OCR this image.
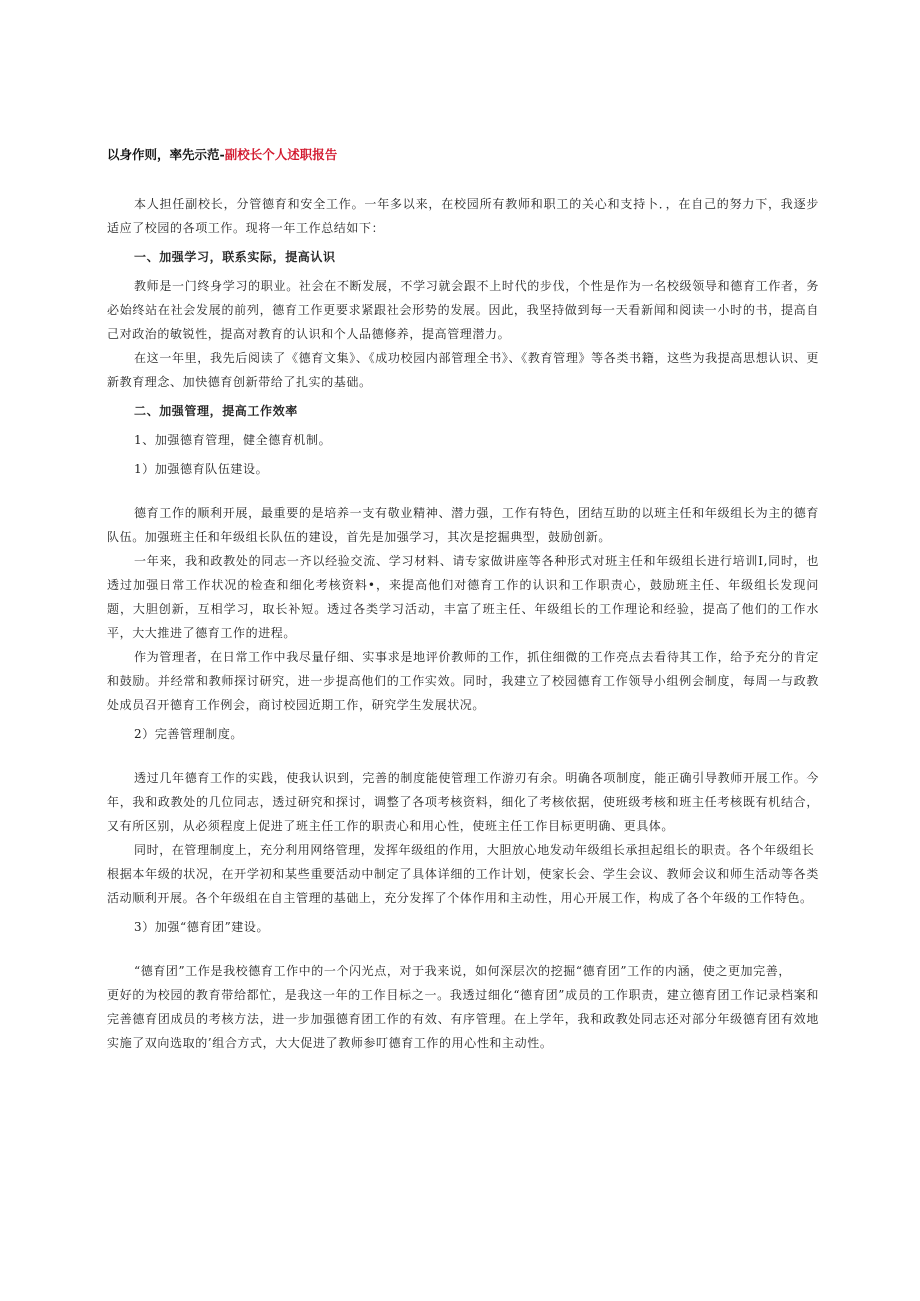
以身作则，率先示范-副校长个人述职报告

本人担任副校长，分管德育和安全工作。一年多以来，在校园所有教师和职工的关心和支持卜．，在自己的努力下，我逐步适应了校园的各项工作。现将一年工作总结如下：

一、加强学习，联系实际，提高认识

教师是一门终身学习的职业。社会在不断发展，不学习就会跟不上时代的步伐，个性是作为一名校级领导和德育工作者，务必始终站在社会发展的前列，德育工作更要求紧跟社会形势的发展。因此，我坚持做到每一天看新闻和阅读一小时的书，提高自己对政治的敏锐性，提高对教育的认识和个人品德修养，提高管理潜力。

在这一年里，我先后阅读了《德育文集》、《成功校园内部管理全书》、《教育管理》等各类书籍，这些为我提高思想认识、更新教育理念、加快德育创新带给了扎实的基础。

二、加强管理，提高工作效率

1、加强德育管理，健全德育机制。

1）加强德育队伍建设。

德育工作的顺利开展，最重要的是培养一支有敬业精神、潜力强，工作有特色，团结互助的以班主任和年级组长为主的德育队伍。加强班主任和年级组长队伍的建设，首先是加强学习，其次是挖掘典型，鼓励创新。

一年来，我和政教处的同志一齐以经验交流、学习材料、请专家做讲座等各种形式对班主任和年级组长进行培训Ⅰ,同时，也透过加强日常工作状况的检查和细化考核资料•，来提高他们对德育工作的认识和工作职责心，鼓励班主任、年级组长发现问题，大胆创新，互相学习，取长补短。透过各类学习活动，丰富了班主任、年级组长的工作理论和经验，提高了他们的工作水平，大大推进了德育工作的进程。

作为管理者，在日常工作中我尽量仔细、实事求是地评价教师的工作，抓住细微的工作亮点去看待其工作，给予充分的肯定和鼓励。并经常和教师探讨研究，进一步提高他们的工作实效。同时，我建立了校园德育工作领导小组例会制度，每周一与政教处成员召开德育工作例会，商讨校园近期工作，研究学生发展状况。

2）完善管理制度。

透过几年德育工作的实践，使我认识到，完善的制度能使管理工作游刃有余。明确各项制度，能正确引导教师开展工作。今年，我和政教处的几位同志，透过研究和探讨，调整了各项考核资料，细化了考核依据，使班级考核和班主任考核既有机结合，又有所区别，从必须程度上促进了班主任工作的职责心和用心性，使班主任工作目标更明确、更具体。

同时，在管理制度上，充分利用网络管理，发挥年级组的作用，大胆放心地发动年级组长承担起组长的职责。各个年级组长

根据本年级的状况，在开学初和某些重要活动中制定了具体详细的工作计划，使家长会、学生会议、教师会议和师生活动等各类活动顺利开展。各个年级组在自主管理的基础上，充分发挥了个体作用和主动性，用心开展工作，构成了各个年级的工作特色。

3）加强“德育团”建设。

“德育团”工作是我校德育工作中的一个闪光点，对于我来说，如何深层次的挖掘“德育团”工作的内涵，使之更加完善，

更好的为校园的教育带给都忙，是我这一年的工作目标之一。我透过细化“德育团”成员的工作职责，建立德育团工作记录档案和完善德育团成员的考核方法，进一步加强德育团工作的有效、有序管理。在上学年，我和政教处同志还对部分年级德育团有效地实施了双向选取的’组合方式，大大促进了教师参叮德育工作的用心性和主动性。
